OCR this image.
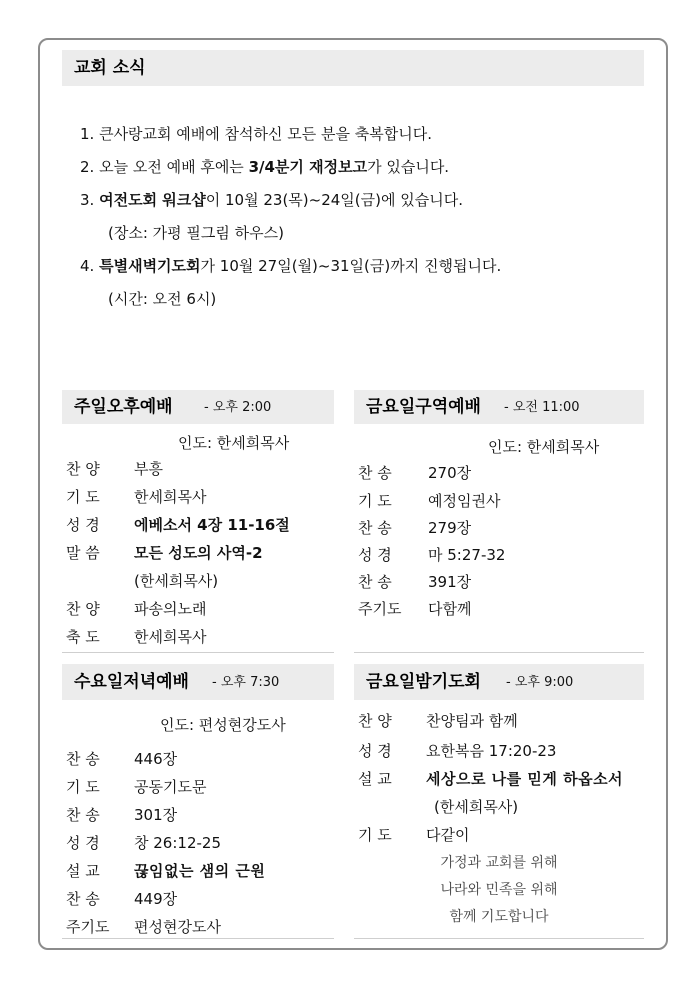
교회 소식
1. 큰사랑교회 예배에 참석하신 모든 분을 축복합니다.
2. 오늘 오전 예배 후에는 3/4분기 재정보고가 있습니다.
3. 여전도회 워크샵이 10월 23(목)~24일(금)에 있습니다.
(장소: 가평 필그림 하우스)
4. 특별새벽기도회가 10월 27일(월)~31일(금)까지 진행됩니다.
(시간: 오전 6시)
주일오후예배 - 오후 2:00
인도: 한세희목사
찬 양 부흥
기 도 한세희목사
성 경 에베소서 4장 11-16절
말 씀 모든 성도의 사역-2
(한세희목사)
찬 양 파송의노래
축 도 한세희목사
금요일구역예배 - 오전 11:00
인도: 한세희목사
찬 송 270장
기 도 예정임권사
찬 송 279장
성 경 마 5:27-32
찬 송 391장
주기도 다함께
수요일저녁예배 - 오후 7:30
인도: 편성현강도사
찬 송 446장
기 도 공동기도문
찬 송 301장
성 경 창 26:12-25
설 교 끊임없는 샘의 근원
찬 송 449장
주기도 편성현강도사
금요일밤기도회 - 오후 9:00
찬 양 찬양팀과 함께
성 경 요한복음 17:20-23
설 교 세상으로 나를 믿게 하옵소서
(한세희목사)
기 도 다같이
가정과 교회를 위해
나라와 민족을 위해
함께 기도합니다
